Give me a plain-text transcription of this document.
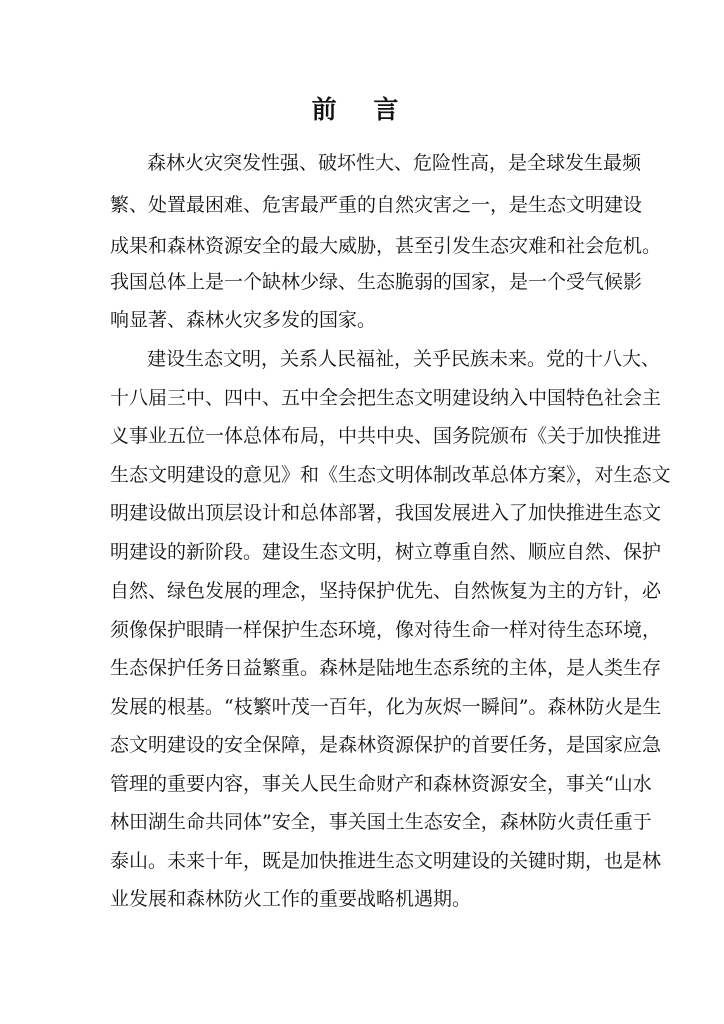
前 言

森林火灾突发性强、破坏性大、危险性高，是全球发生最频

繁、处置最困难、危害最严重的自然灾害之一，是生态文明建设

成果和森林资源安全的最大威胁，甚至引发生态灾难和社会危机。

我国总体上是一个缺林少绿、生态脆弱的国家，是一个受气候影

响显著、森林火灾多发的国家。

建设生态文明，关系人民福祉，关乎民族未来。党的十八大、

十八届三中、四中、五中全会把生态文明建设纳入中国特色社会主

义事业五位一体总体布局，中共中央、国务院颁布《关于加快推进

生态文明建设的意见》和《生态文明体制改革总体方案》，对生态文

明建设做出顶层设计和总体部署，我国发展进入了加快推进生态文

明建设的新阶段。建设生态文明，树立尊重自然、顺应自然、保护

自然、绿色发展的理念，坚持保护优先、自然恢复为主的方针，必

须像保护眼睛一样保护生态环境，像对待生命一样对待生态环境，

生态保护任务日益繁重。森林是陆地生态系统的主体，是人类生存

发展的根基。“枝繁叶茂一百年，化为灰烬一瞬间”。森林防火是生

态文明建设的安全保障，是森林资源保护的首要任务，是国家应急

管理的重要内容，事关人民生命财产和森林资源安全，事关“山水

林田湖生命共同体”安全，事关国土生态安全，森林防火责任重于

泰山。未来十年，既是加快推进生态文明建设的关键时期，也是林

业发展和森林防火工作的重要战略机遇期。
